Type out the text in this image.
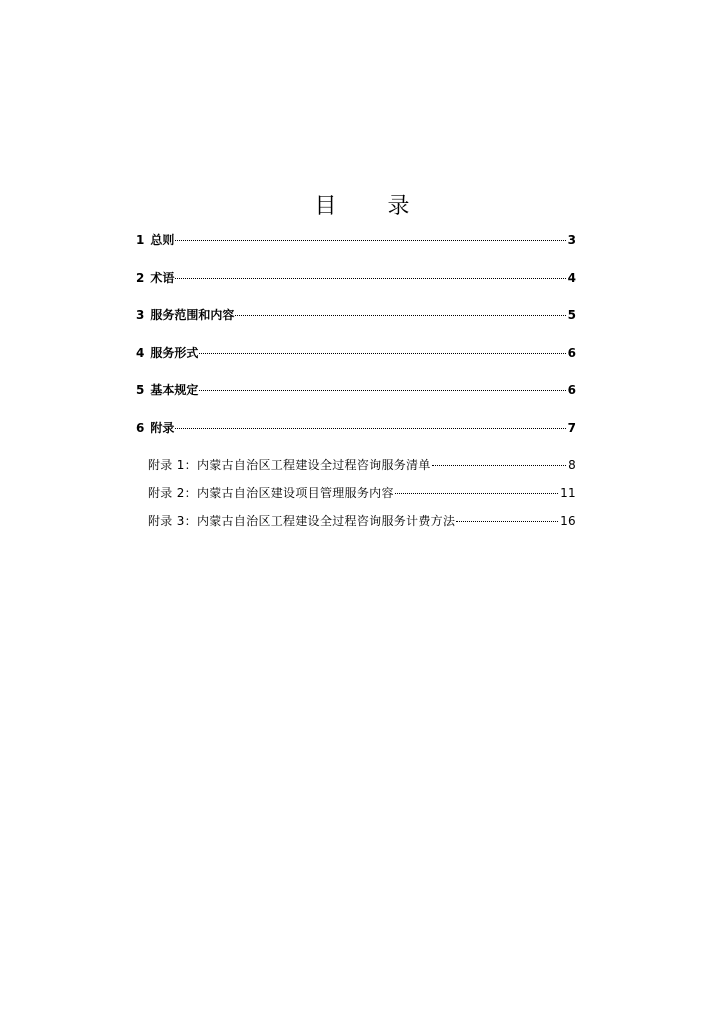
目 录
1 总则	3
2 术语	4
3 服务范围和内容	5
4 服务形式	6
5 基本规定	6
6 附录	7
附录 1：内蒙古自治区工程建设全过程咨询服务清单	8
附录 2：内蒙古自治区建设项目管理服务内容	11
附录 3：内蒙古自治区工程建设全过程咨询服务计费方法	16
